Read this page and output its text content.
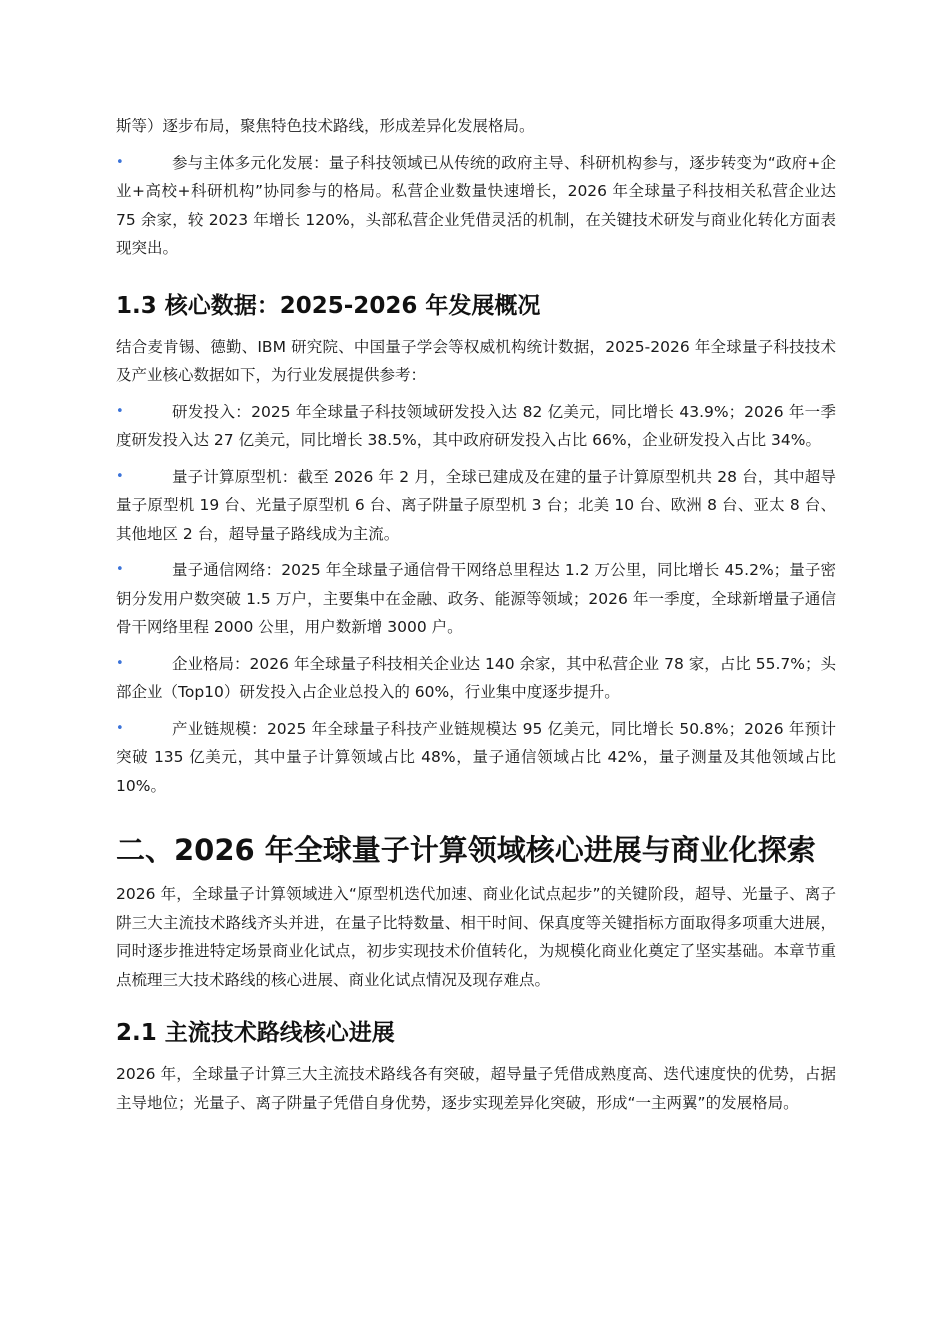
斯等）逐步布局，聚焦特色技术路线，形成差异化发展格局。

•	参与主体多元化发展：量子科技领域已从传统的政府主导、科研机构参与，逐步转变为“政府+企业+高校+科研机构”协同参与的格局。私营企业数量快速增长，2026 年全球量子科技相关私营企业达 75 余家，较 2023 年增长 120%，头部私营企业凭借灵活的机制，在关键技术研发与商业化转化方面表现突出。

1.3 核心数据：2025-2026 年发展概况

结合麦肯锡、德勤、IBM 研究院、中国量子学会等权威机构统计数据，2025-2026 年全球量子科技技术及产业核心数据如下，为行业发展提供参考：

•	研发投入：2025 年全球量子科技领域研发投入达 82 亿美元，同比增长 43.9%；2026 年一季度研发投入达 27 亿美元，同比增长 38.5%，其中政府研发投入占比 66%，企业研发投入占比 34%。

•	量子计算原型机：截至 2026 年 2 月，全球已建成及在建的量子计算原型机共 28 台，其中超导量子原型机 19 台、光量子原型机 6 台、离子阱量子原型机 3 台；北美 10 台、欧洲 8 台、亚太 8 台、其他地区 2 台，超导量子路线成为主流。

•	量子通信网络：2025 年全球量子通信骨干网络总里程达 1.2 万公里，同比增长 45.2%；量子密钥分发用户数突破 1.5 万户，主要集中在金融、政务、能源等领域；2026 年一季度，全球新增量子通信骨干网络里程 2000 公里，用户数新增 3000 户。

•	企业格局：2026 年全球量子科技相关企业达 140 余家，其中私营企业 78 家，占比 55.7%；头部企业（Top10）研发投入占企业总投入的 60%，行业集中度逐步提升。

•	产业链规模：2025 年全球量子科技产业链规模达 95 亿美元，同比增长 50.8%；2026 年预计突破 135 亿美元，其中量子计算领域占比 48%，量子通信领域占比 42%，量子测量及其他领域占比 10%。

二、2026 年全球量子计算领域核心进展与商业化探索

2026 年，全球量子计算领域进入“原型机迭代加速、商业化试点起步”的关键阶段，超导、光量子、离子阱三大主流技术路线齐头并进，在量子比特数量、相干时间、保真度等关键指标方面取得多项重大进展，同时逐步推进特定场景商业化试点，初步实现技术价值转化，为规模化商业化奠定了坚实基础。本章节重点梳理三大技术路线的核心进展、商业化试点情况及现存难点。

2.1 主流技术路线核心进展

2026 年，全球量子计算三大主流技术路线各有突破，超导量子凭借成熟度高、迭代速度快的优势，占据主导地位；光量子、离子阱量子凭借自身优势，逐步实现差异化突破，形成“一主两翼”的发展格局。
